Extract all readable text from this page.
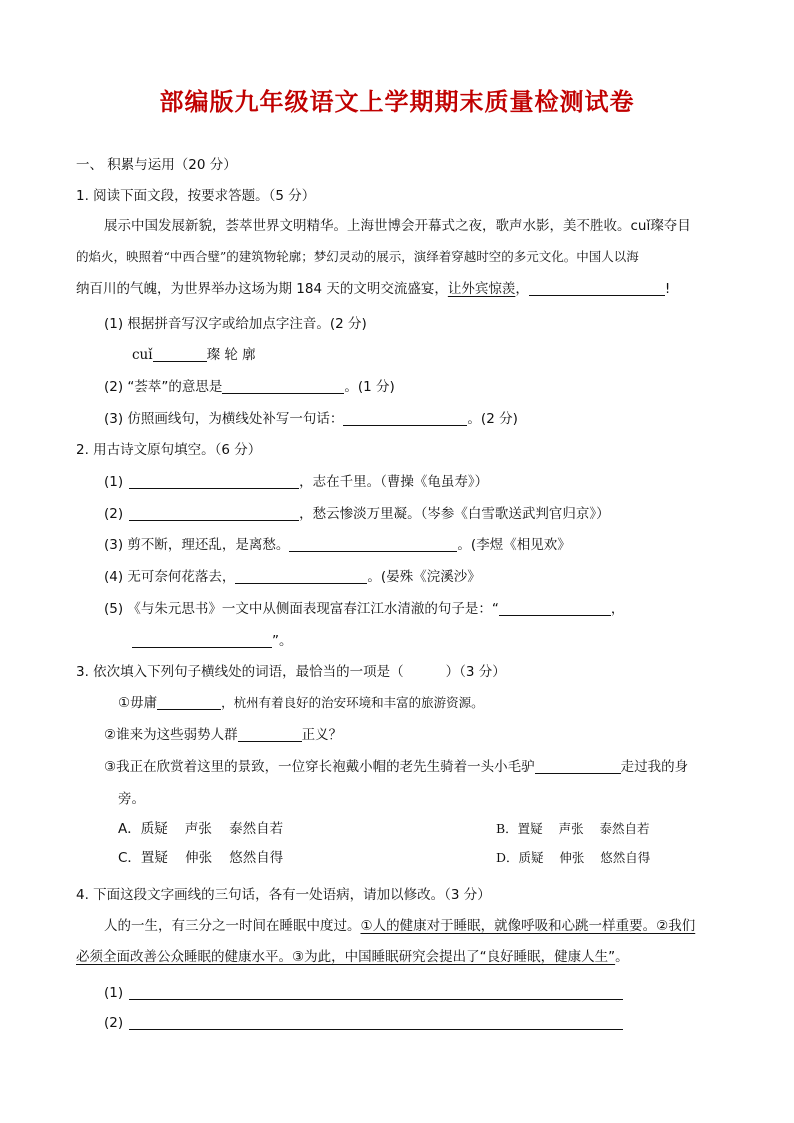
部编版九年级语文上学期期末质量检测试卷
一、 积累与运用（20 分）
1. 阅读下面文段，按要求答题。（5 分）
展示中国发展新貌，荟萃世界文明精华。上海世博会开幕式之夜，歌声水影，美不胜收。cuǐ璨夺目
的焰火，映照着“中西合璧”的建筑物轮廓；梦幻灵动的展示，演绎着穿越时空的多元文化。中国人以海
纳百川的气魄，为世界举办这场为期 184 天的文明交流盛宴，让外宾惊羡，	!
(1) 根据拼音写汉字或给加点字注音。(2 分)
cuǐ	璨 轮 廓
(2) “荟萃”的意思是	。(1 分)
(3) 仿照画线句，为横线处补写一句话：	。(2 分)
2. 用古诗文原句填空。（6 分）
(1)	，志在千里。（曹操《龟虽寿》）
(2)	，愁云惨淡万里凝。（岑参《白雪歌送武判官归京》）
(3) 剪不断，理还乱，是离愁。	。(李煜《相见欢》
(4) 无可奈何花落去，	。(晏殊《浣溪沙》
(5) 《与朱元思书》一文中从侧面表现富春江江水清澈的句子是：“	，
”。
3. 依次填入下列句子横线处的词语，最恰当的一项是（	）（3 分）
①毋庸	，杭州有着良好的治安环境和丰富的旅游资源。
②谁来为这些弱势人群	正义？
③我正在欣赏着这里的景致，一位穿长袍戴小帽的老先生骑着一头小毛驴	走过我的身
旁。
A．质疑    声张    泰然自若	B．置疑    声张    泰然自若
C．置疑    伸张    悠然自得	D．质疑    伸张    悠然自得
4. 下面这段文字画线的三句话，各有一处语病，请加以修改。（3 分）
人的一生，有三分之一时间在睡眠中度过。①人的健康对于睡眠，就像呼吸和心跳一样重要。②我们
必须全面改善公众睡眠的健康水平。③为此，中国睡眠研究会提出了“良好睡眠，健康人生”。
(1)
(2)
